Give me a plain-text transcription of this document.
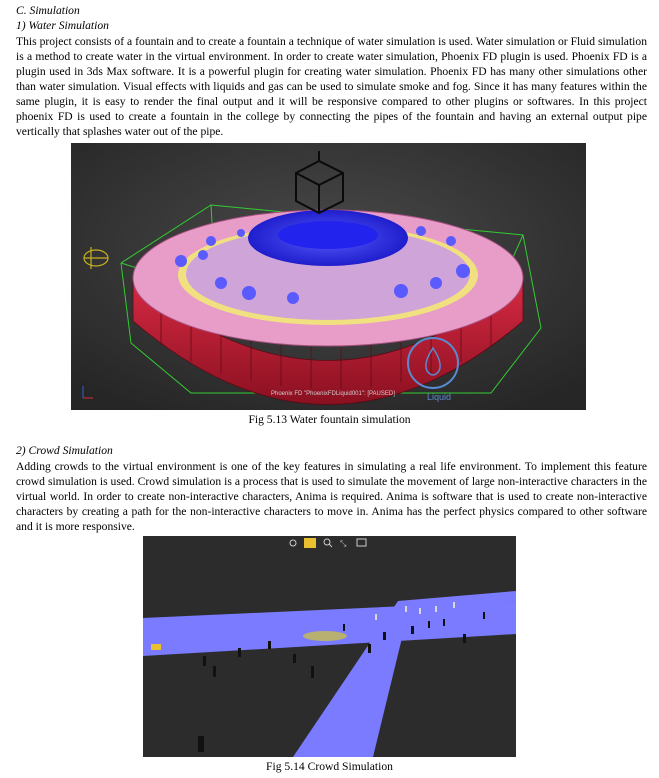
C. Simulation
1) Water Simulation
This project consists of a fountain and to create a fountain a technique of water simulation is used. Water simulation or Fluid simulation is a method to create water in the virtual environment. In order to create water simulation, Phoenix FD plugin is used. Phoenix FD is a plugin used in 3ds Max software. It is a powerful plugin for creating water simulation. Phoenix FD has many other simulations other than water simulation. Visual effects with liquids and gas can be used to simulate smoke and fog. Since it has many features within the same plugin, it is easy to render the final output and it will be responsive compared to other plugins or softwares. In this project phoenix FD is used to create a fountain in the college by connecting the pipes of the fountain and having an external output pipe vertically that splashes water out of the pipe.
Liquid
Phoenix FD "PhoenixFDLiquid001": [PAUSED]
Fig 5.13 Water fountain simulation
2) Crowd Simulation
Adding crowds to the virtual environment is one of the key features in simulating a real life environment. To implement this feature crowd simulation is used. Crowd simulation is a process that is used to simulate the movement of large non-interactive characters in the virtual world. In order to create non-interactive characters, Anima is required. Anima is software that is used to create non-interactive characters by creating a path for the non-interactive characters to move in. Anima has the perfect physics compared to other software and it is more responsive.
⤡
Fig 5.14 Crowd Simulation
